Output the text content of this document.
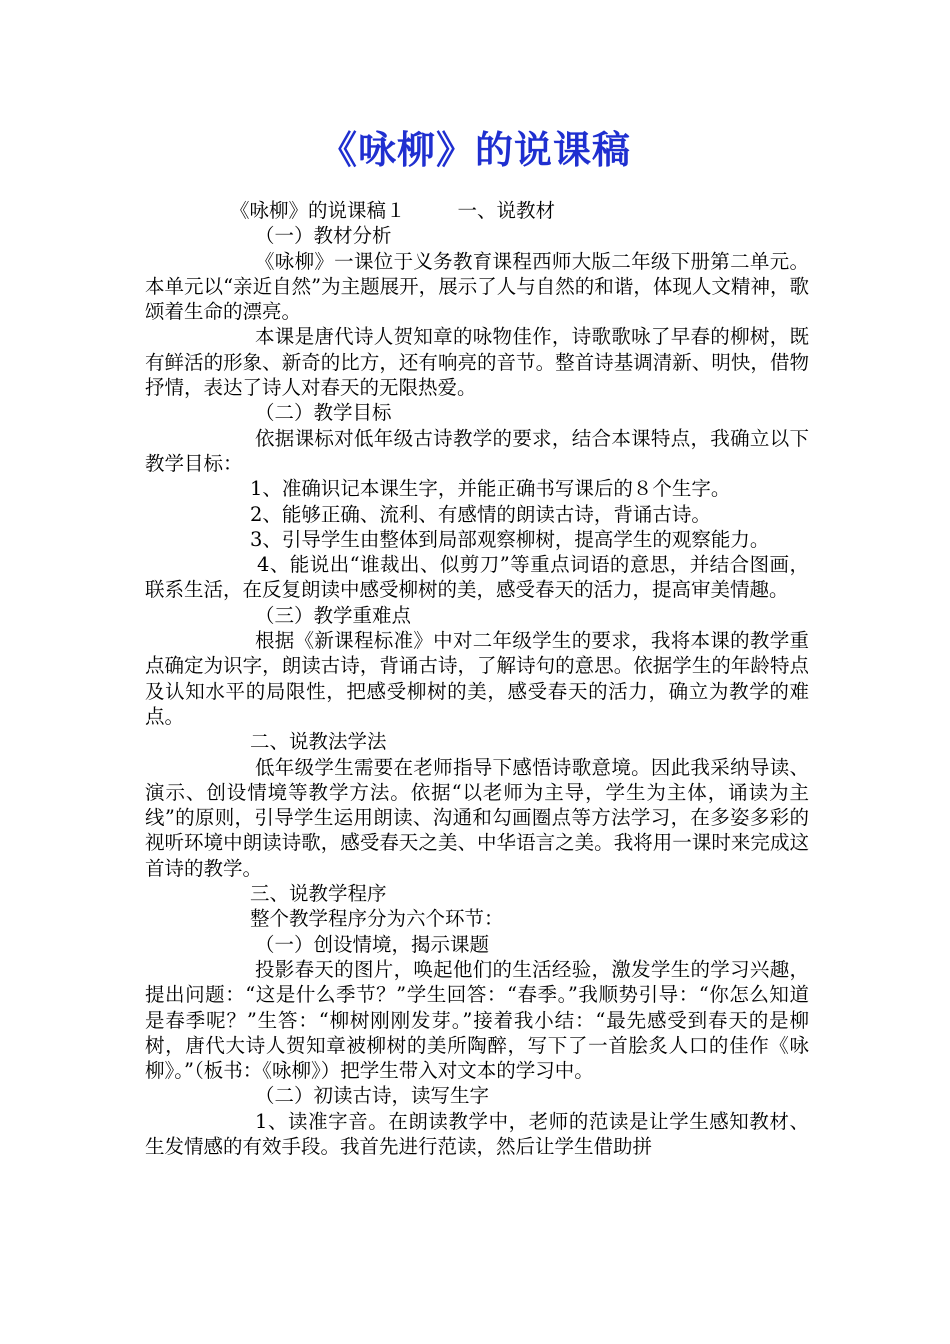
《咏柳》的说课稿

《咏柳》的说课稿１	一、说教材

（一）教材分析

《咏柳》一课位于义务教育课程西师大版二年级下册第二单元。本单元以“亲近自然”为主题展开，展示了人与自然的和谐，体现人文精神，歌颂着生命的漂亮。

本课是唐代诗人贺知章的咏物佳作，诗歌歌咏了早春的柳树，既有鲜活的形象、新奇的比方，还有响亮的音节。整首诗基调清新、明快，借物抒情，表达了诗人对春天的无限热爱。

（二）教学目标

依据课标对低年级古诗教学的要求，结合本课特点，我确立以下教学目标：

1、准确识记本课生字，并能正确书写课后的８个生字。

2、能够正确、流利、有感情的朗读古诗，背诵古诗。

3、引导学生由整体到局部观察柳树，提高学生的观察能力。

4、能说出“谁裁出、似剪刀”等重点词语的意思，并结合图画，联系生活，在反复朗读中感受柳树的美，感受春天的活力，提高审美情趣。

（三）教学重难点

根据《新课程标准》中对二年级学生的要求，我将本课的教学重点确定为识字，朗读古诗，背诵古诗，了解诗句的意思。依据学生的年龄特点及认知水平的局限性，把感受柳树的美，感受春天的活力，确立为教学的难点。

二、说教法学法

低年级学生需要在老师指导下感悟诗歌意境。因此我采纳导读、演示、创设情境等教学方法。依据“以老师为主导，学生为主体，诵读为主线”的原则，引导学生运用朗读、沟通和勾画圈点等方法学习，在多姿多彩的视听环境中朗读诗歌，感受春天之美、中华语言之美。我将用一课时来完成这首诗的教学。

三、说教学程序

整个教学程序分为六个环节：

（一）创设情境，揭示课题

投影春天的图片，唤起他们的生活经验，激发学生的学习兴趣，提出问题：“这是什么季节？”学生回答：“春季。”我顺势引导：“你怎么知道是春季呢？”生答：“柳树刚刚发芽。”接着我小结：“最先感受到春天的是柳树，唐代大诗人贺知章被柳树的美所陶醉，写下了一首脍炙人口的佳作《咏柳》。”（板书：《咏柳》）把学生带入对文本的学习中。

（二）初读古诗，读写生字

1、读准字音。在朗读教学中，老师的范读是让学生感知教材、生发情感的有效手段。我首先进行范读，然后让学生借助拼
